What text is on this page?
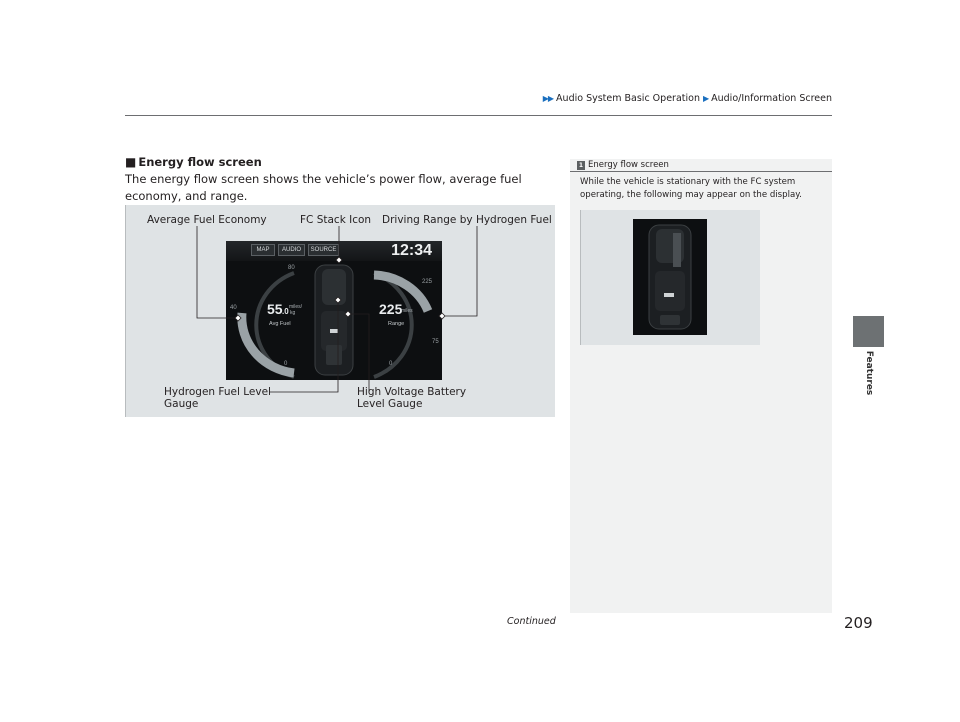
▶▶ Audio System Basic Operation ▶ Audio/Information Screen
Features
■ Energy flow screen
The energy flow screen shows the vehicle’s power flow, average fuel economy, and range.
Average Fuel Economy	FC Stack Icon Driving Range by Hydrogen Fuel
Hydrogen Fuel Level
Gauge
High Voltage Battery
Level Gauge
MAP	AUDIO	SOURCE	12:34
80
40
0
225
75
0
55 .0 miles/
kg
Avg Fuel
225
miles
Range
1 Energy flow screen
While the vehicle is stationary with the FC system operating, the following may appear on the display.
Continued	209
